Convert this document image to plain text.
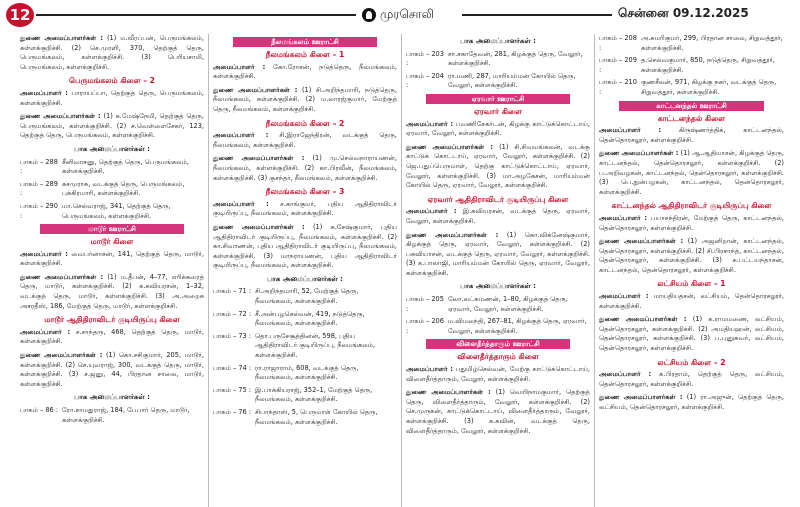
12	முரசொலி	சென்னை 09.12.2025

துணை அமைப்பாளர்கள் : (1) ம.வீரப்பன், பெருமங்கலம், கள்ளக்குறிச்சி. (2) செ.முரளி, 370, தெற்குத் தெரு, பெருமங்கலம், கள்ளக்குறிச்சி. (3) பெரியசாமி, பெருமங்கலம், கள்ளக்குறிச்சி.

பெருமங்கலம் கிளை – 2

அமைப்பாளர் : பாராயப்பா, தெற்குத் தெரு, பெருமங்கலம், கள்ளக்குறிச்சி.

துணை அமைப்பாளர்கள் : (1) க.மேஷ்நேமி, தெற்குத் தெரு, பெருமங்கலம், கள்ளக்குறிச்சி. (2) ச.வெள்ளைசேகர், 123, தெற்குத் தெரு, பெருமங்கலம், கள்ளக்குறிச்சி.

பாக அமைப்பாளர்கள் :
பாகம் – 288 :
சீனிவாசனு, தெற்குத் தெரு, பெருமங்கலம், கள்ளக்குறிச்சி.
பாகம் – 289 :
கசமுராசு, வடக்குத் தெரு, பெருமங்கலம், புக்கிரமாரி, கள்ளக்குறிச்சி.
பாகம் – 290 :
மா.செல்வராஜ், 341, தெற்குத் தெரு, பெருமங்கலம், கள்ளக்குறிச்சி.
மாடூர் ஊராட்சி
மாடூர் கிளை

அமைப்பாளர் : வைபர்னாசன், 141, தெற்குத் தெரு, மாடூர், கள்ளக்குறிச்சி.

துணை அமைப்பாளர்கள் : (1) ம.தீபன், 4–77, எரிக்கரைத் தெரு, மாடூர், கள்ளக்குறிச்சி. (2) க.கவியரசன், 1–32, வடக்குத் தெரு, மாடூர், கள்ளக்குறிச்சி. (3) அ.அறைசு அசரதீஸ், 186, மேற்குத் தெரு, மாடூர், கள்ளக்குறிச்சி.

மாடூர் ஆதிதிராவிடர் குடியிருப்பு கிளை

அமைப்பாளர் : ச.சாந்தரு, 468, தெற்குத் தெரு, மாடூர், கள்ளக்குறிச்சி.

துணை அமைப்பாளர்கள் : (1) கொ.சசிகுமார், 205, மாடூர், கள்ளக்குறிச்சி. (2) செ.யுவராஜ், 300, வடக்குத் தெரு, மாடூர், கள்ளக்குறிச்சி. (3) ச.ஜனு, 44, பிரதான சாலை, மாடூர், கள்ளக்குறிச்சி.

பாக அமைப்பாளர்கள் :
பாகம் – 86 : ரோ.சாமதுராஜ், 184, பேபார் தெரு, மாடூர், கள்ளக்குறிச்சி.
நீலமங்கலம் ஊராட்சி
நீலமங்கலம் கிளை – 1

அமைப்பாளர் : கோ.ரோசன், நடுத்தெரு, நீலமங்கலம், கள்ளக்குறிச்சி.

துணை அமைப்பாளர்கள் : (1) சி.அறிந்தமாரி, நடுத்தெரு, நீலமங்கலம், கள்ளக்குறிச்சி. (2) ம.லாரஜ்குமார், மேற்குத் தெரு, நீலமங்கலம், கள்ளக்குறிச்சி.

நீலமங்கலம் கிளை – 2

அமைப்பாளர் : சி.இராஜேந்திரன், வடக்குத் தெரு, நீலமங்கலம், கள்ளக்குறிச்சி.

துணை அமைப்பாளர்கள் : (1) மு.செல்வநாராயணன், நீலமங்கலம், கள்ளக்குறிச்சி. (2) கா.பிரவீன், நீலமங்கலம், கள்ளக்குறிச்சி. (3) குசந்தர், நீலமங்கலம், கள்ளக்குறிச்சி.

நீலமங்கலம் கிளை – 3

அமைப்பாளர் : ச.காங்குமர், புதிய ஆதிதிராவிடர் குடியிருப்பு, நீலமங்கலம், கள்ளக்குறிச்சி.

துணை அமைப்பாளர்கள் : (1) க.சேஷ்குமார், புதிய ஆதிதிராவிடர் குடியிருப்பு, நீலமங்கலம், கள்ளக்குறிச்சி. (2) கா.சிவாணன், புதிய ஆதிதிராவிடர் குடியிருப்பு, நீலமங்கலம், கள்ளக்குறிச்சி. (3) மாநராயணன், புதிய ஆதிதிராவிடர் குடியிருப்பு, நீலமங்கலம், கள்ளக்குறிச்சி.

பாக அமைப்பாளர்கள் :
பாகம் – 71 : சி.அறிந்தமாரி, 52, மேற்குத் தெரு, நீலமங்கலம், கள்ளக்குறிச்சி.
பாகம் – 72 : சீ.அன்பழசெல்வன், 419, நடுத்தெரு, நீலமங்கலம், கள்ளக்குறிச்சி.
பாகம் – 73 : தொ.பருசேசூத்தினன், 598, புதிய ஆதிதிராவிடர் குடியிருப்பு, நீலமங்கலம், கள்ளக்குறிச்சி.
பாகம் – 74 : ரா.ராஜாராம், 608, வடக்குத் தெரு, நீலமங்கலம், கள்ளக்குறிச்சி.
பாகம் – 75 : இ.பாக்கியராஜ், 352–1, மேற்குத் தெரு, நீலமங்கலம், கள்ளக்குறிச்சி.
பாகம் – 76 : சிபாந்தாஸ், 5, பெருமாள் கோயில் தெரு, நீலமங்கலம், கள்ளக்குறிச்சி.
பாக அமைப்பாளர்கள் :
பாகம் – 203 :
சா.சகாதேவன், 281, கிழக்குத் தெரு, வேலூர், கள்ளக்குறிச்சி.
பாகம் – 204 :
ரா.மணி, 287, மாரியம்மன் கோயில் தெரு, வேலூர், கள்ளக்குறிச்சி.
ஏரவார் ஊராட்சி
ஏரவார் கிளை

அமைப்பாளர் : பவணிசேகர்டன், கிழக்கு காட்டுக்கொட்டாய், ஏரவார், வேலூர், கள்ளக்குறிச்சி.

துணை அமைப்பாளர்கள் : (1) சி.சிவமங்கலன், வடக்கு காட்டுக் கொட்டாய், ஏரவார், வேலூர், கள்ளக்குறிச்சி. (2) ஜெ.பதுப்பெருமாள், தெற்கு காட்டுக்கொட்டாய், ஏரவார், வேலூர், கள்ளக்குறிச்சி. (3) மா.அழகேசன், மாரியம்மன் கோயில் தெரு, ஏரவார், வேலூர், கள்ளக்குறிச்சி.

ஏரவார் ஆதிதிராவிடர் குடியிருப்பு கிளை

அமைப்பாளர் : இ.கவியரசன், வடக்குத் தெரு, ஏரவார், வேலூர், கள்ளக்குறிச்சி.

துணை அமைப்பாளர்கள் : (1) கொ.விக்னேஷ்குமார், கிழக்குத் தெரு, ஏரவார், வேலூர், கள்ளக்குறிச்சி. (2) பசுவியாசன், வடக்குத் தெரு, ஏரவார், வேலூர், கள்ளக்குறிச்சி. (3) க.பாலாஜி, மாரியம்மன் கோயில் தெரு, ஏரவார், வேலூர், கள்ளக்குறிச்சி.

பாக அமைப்பாளர்கள் :
பாகம் – 205 :
லோ.லட்சுமணன், 1–80, கிழக்குத் தெரு, ஏரவார், வேலூர், கள்ளக்குறிச்சி.
பாகம் – 206 :
ம.விமலந்தி, 267–81, கிழக்குத் தெரு, ஏரவார், வேலூர், கள்ளக்குறிச்சி.
விளைதீர்த்தாரும் ஊராட்சி
விளைதீர்த்தாரும் கிளை

அமைப்பாளர் : பதுமிழ்செல்வன், மேற்கு காட்டுக்கொட்டாய், விளைதீர்த்தாரும், வேலூர், கள்ளக்குறிச்சி.

துணை அமைப்பாளர்கள் : (1) வெயிநாமகுமார், தெற்குத் தெரு, விளைதீர்த்தாரும், வேலூர், கள்ளக்குறிச்சி. (2) செ.முருகன், காட்டுக்கொட்டாய், விளைதீர்த்தாரும், வேலூர், கள்ளக்குறிச்சி. (3) க.சுவின், வடக்குத் தெரு, விளைதீர்த்தாரும், வேலூர், கள்ளக்குறிச்சி.

பாகம் – 208 :
அ.சுமரிகுமர், 299, பிரதான சாலை, சிறுவத்தூர், கள்ளக்குறிச்சி.
பாகம் – 209 :
த.செல்வகுமார், 850, நடுத்தெரு, சிறுவத்தூர், கள்ளக்குறிச்சி.
பாகம் – 210 :
குணசீலன், 971, கிழக்கு நகர், வடக்குத் தெரு, சிறுவத்தூர், கள்ளக்குறிச்சி.
காட்டனந்தல் ஊராட்சி
காட்டனந்தல் கிளை

அமைப்பாளர் :	கிருஷ்ணர்த்திக், காட்டனந்தல், தென்தொரசலூர், கள்ளக்குறிச்சி.

துணை அமைப்பாளர்கள் : (1) ஆ.ஆதிமாசன், கிழக்குத் தெரு, காட்டனந்தல், தென்தொரசலூர், கள்ளக்குறிச்சி. (2) ப.அறிவழகன், காட்டனந்தல், தென்தொரசலூர், கள்ளக்குறிச்சி. (3) பெ.நுன்பழகன், காட்டனந்தல், தென்தொரசலூர், கள்ளக்குறிச்சி.

காட்டனந்தல் ஆதிதிராவிடர் குடியிருப்பு கிளை

அமைப்பாளர் : பயாசந்திரன், மேற்குத் தெரு, காட்டனந்தல், தென்தொரசலூர், கள்ளக்குறிச்சி.

துணை அமைப்பாளர்கள் : (1) அஜனிறான், காட்டனந்தல், தென்தொரசலூர், கள்ளக்குறிச்சி. (2) சி.பிரசாந்த், காட்டனந்தல், தென்தொரசலூர், கள்ளக்குறிச்சி. (3) க.பட்டயந்தாசன், காட்டனந்தல், தென்தொரசலூர், கள்ளக்குறிச்சி.

லட்சியம் கிளை – 1

அமைப்பாளர் : மாயதியதசன், லட்சியம், தென்தொரசலூர், கள்ளக்குறிச்சி.

துணை அமைப்பாளர்கள் : (1) க.ராமமணை, லட்சியம், தென்தொரசலூர், கள்ளக்குறிச்சி. (2) அமதியஹன், லட்சியம், தென்தொரசலூர், கள்ளக்குறிச்சி. (3) ப.புனுசுவர், லட்சியம், தென்தொரசலூர், கள்ளக்குறிச்சி.

லட்சியம் கிளை – 2

அமைப்பாளர் : க.பிரதாம், தெற்குத் தெரு, லட்சியம், தென்தொரசலூர், கள்ளக்குறிச்சி.

துணை அமைப்பாளர்கள் : (1) ரா.அஜுன், தெற்குத் தெரு, லட்சியம், தென்தொரசலூர், கள்ளக்குறிச்சி.
